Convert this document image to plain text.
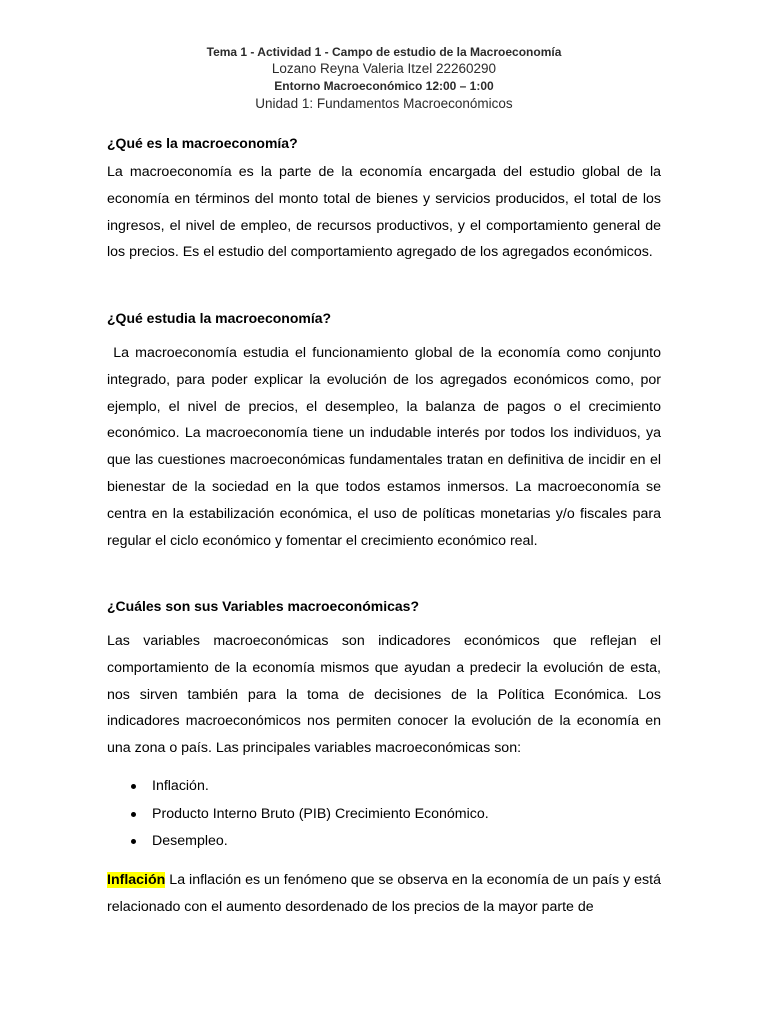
Tema 1 - Actividad 1 - Campo de estudio de la Macroeconomía
Lozano Reyna Valeria Itzel 22260290
Entorno Macroeconómico 12:00 – 1:00
Unidad 1: Fundamentos Macroeconómicos
¿Qué es la macroeconomía?
La macroeconomía es la parte de la economía encargada del estudio global de la economía en términos del monto total de bienes y servicios producidos, el total de los ingresos, el nivel de empleo, de recursos productivos, y el comportamiento general de los precios. Es el estudio del comportamiento agregado de los agregados económicos.
¿Qué estudia la macroeconomía?
La macroeconomía estudia el funcionamiento global de la economía como conjunto integrado, para poder explicar la evolución de los agregados económicos como, por ejemplo, el nivel de precios, el desempleo, la balanza de pagos o el crecimiento económico. La macroeconomía tiene un indudable interés por todos los individuos, ya que las cuestiones macroeconómicas fundamentales tratan en definitiva de incidir en el bienestar de la sociedad en la que todos estamos inmersos. La macroeconomía se centra en la estabilización económica, el uso de políticas monetarias y/o fiscales para regular el ciclo económico y fomentar el crecimiento económico real.
¿Cuáles son sus Variables macroeconómicas?
Las variables macroeconómicas son indicadores económicos que reflejan el comportamiento de la economía mismos que ayudan a predecir la evolución de esta, nos sirven también para la toma de decisiones de la Política Económica. Los indicadores macroeconómicos nos permiten conocer la evolución de la economía en una zona o país. Las principales variables macroeconómicas son:
Inflación.
Producto Interno Bruto (PIB) Crecimiento Económico.
Desempleo.
Inflación La inflación es un fenómeno que se observa en la economía de un país y está relacionado con el aumento desordenado de los precios de la mayor parte de
